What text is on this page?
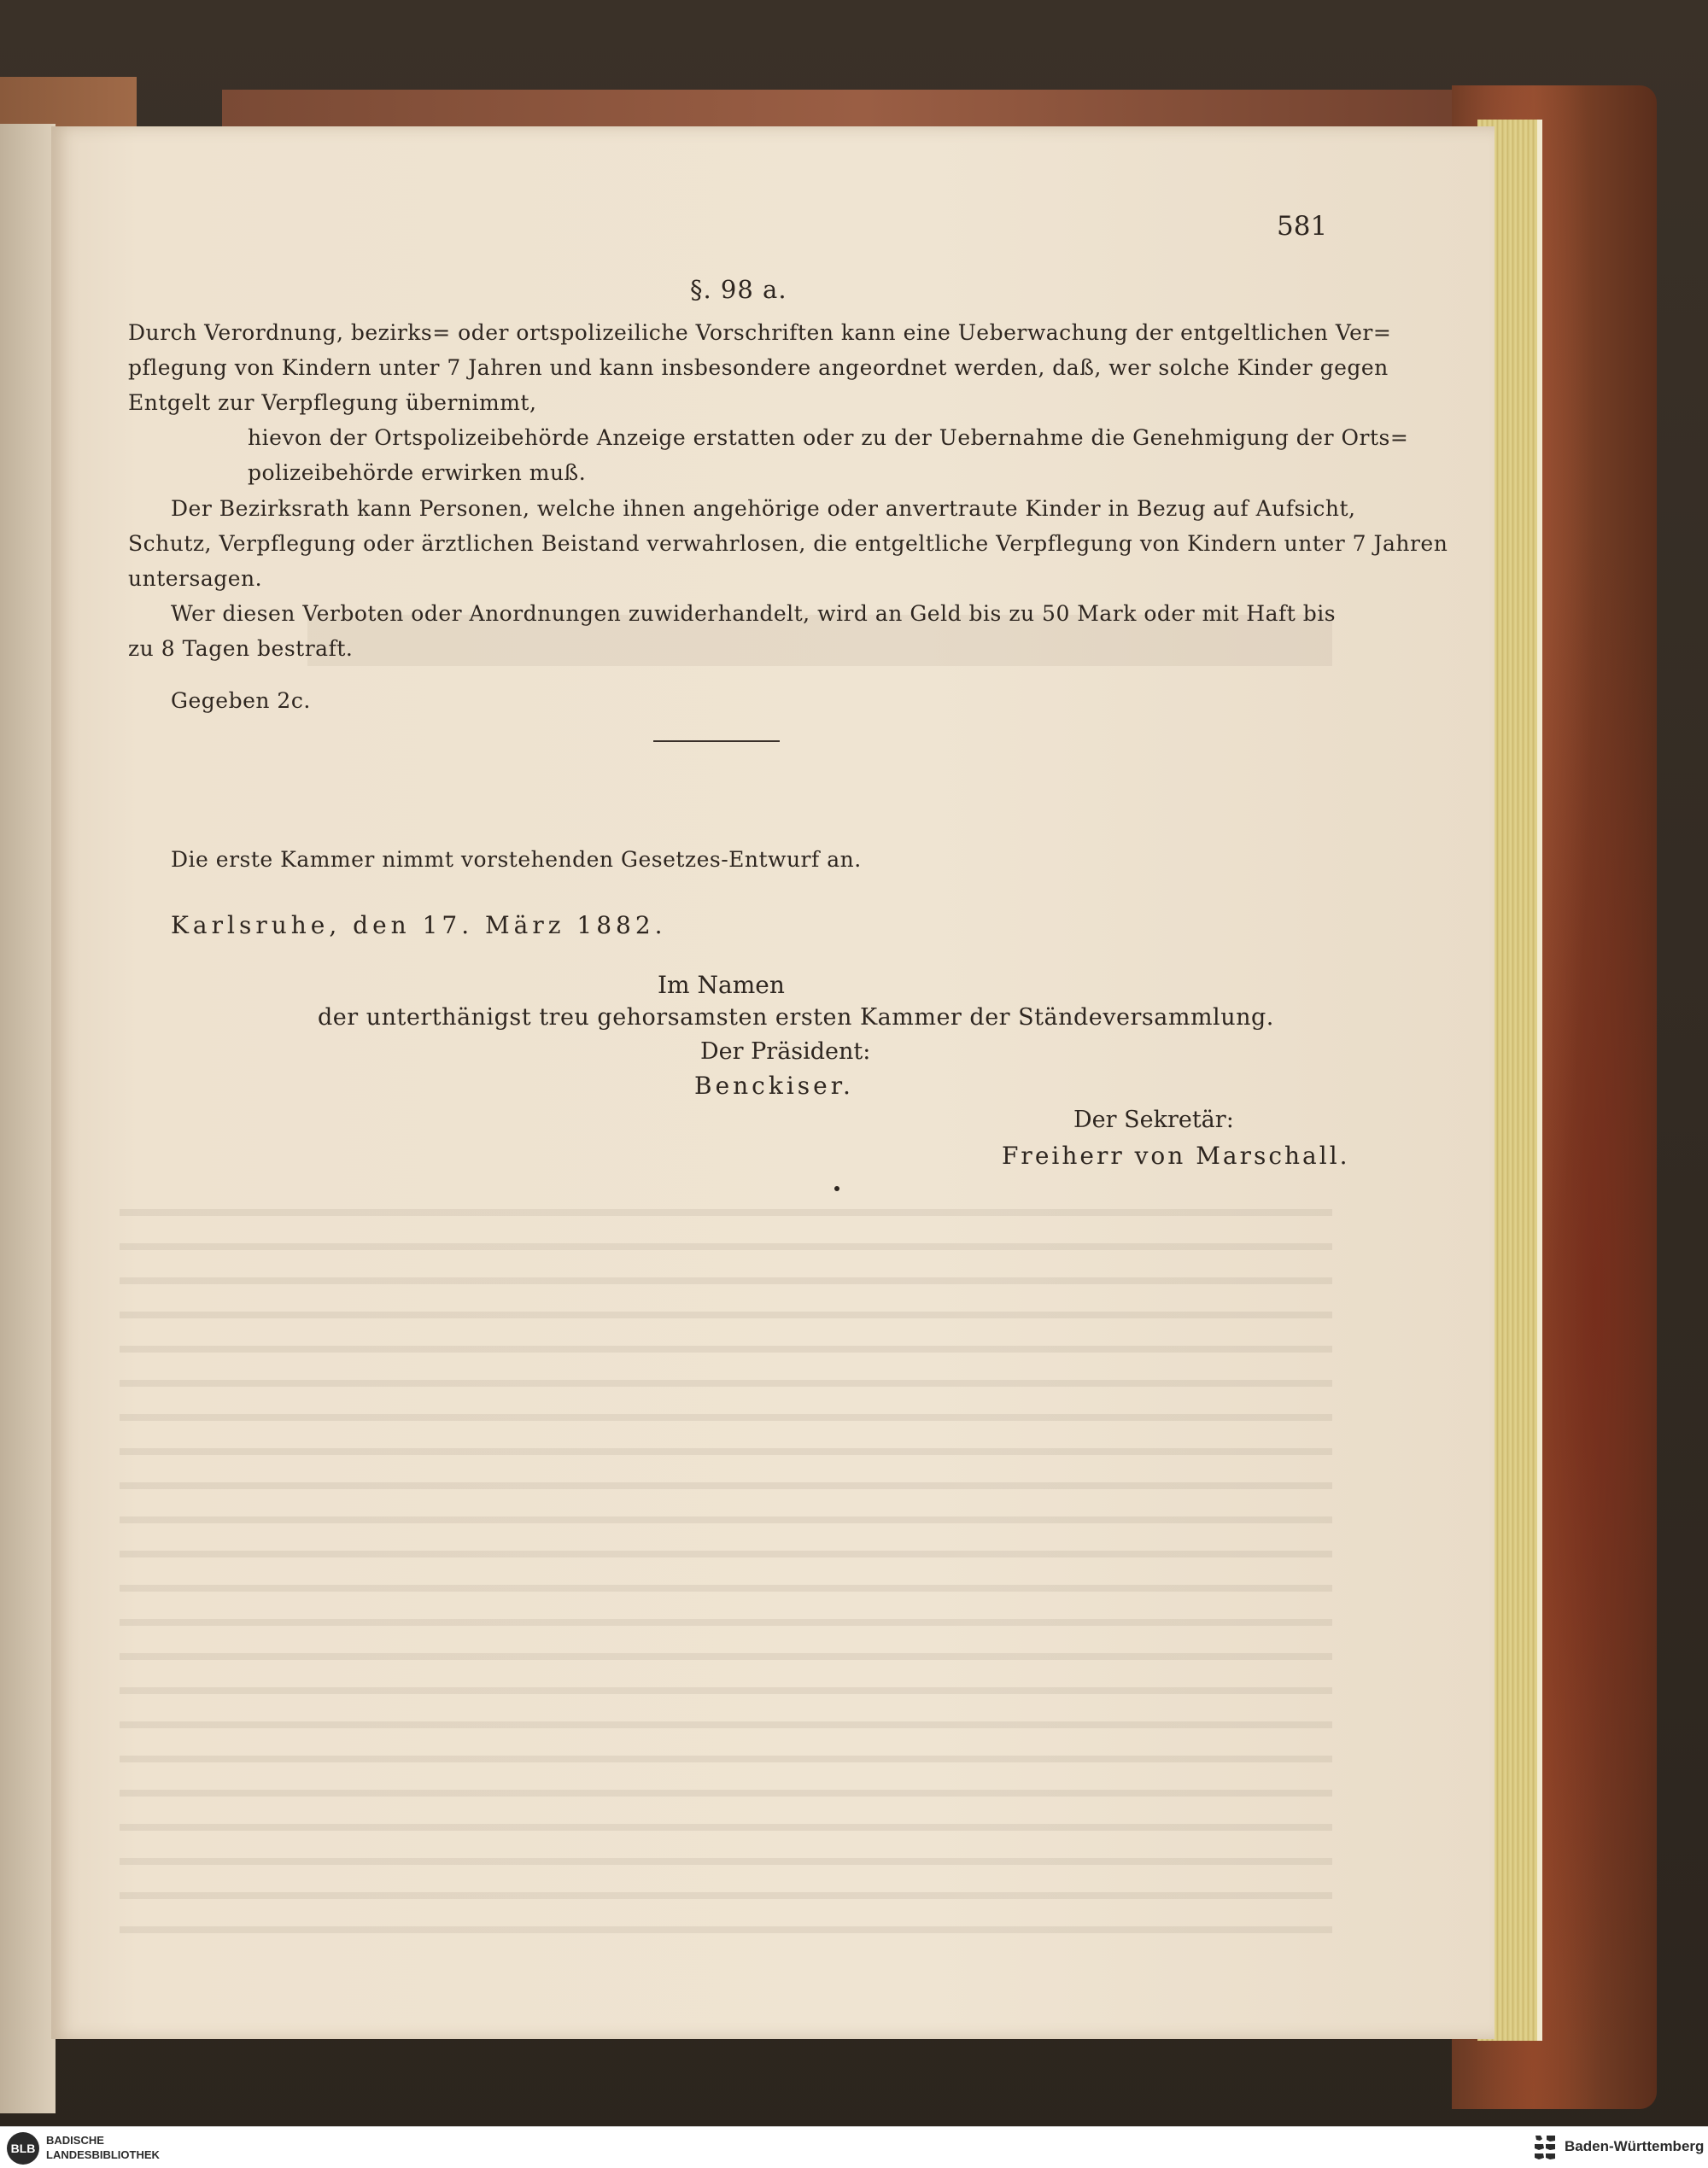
581

§. 98 a.

Durch Verordnung, bezirks= oder ortspolizeiliche Vorschriften kann eine Ueberwachung der entgeltlichen Ver=

pflegung von Kindern unter 7 Jahren und kann insbesondere angeordnet werden, daß, wer solche Kinder gegen

Entgelt zur Verpflegung übernimmt,

hievon der Ortspolizeibehörde Anzeige erstatten oder zu der Uebernahme die Genehmigung der Orts=

polizeibehörde erwirken muß.

Der Bezirksrath kann Personen, welche ihnen angehörige oder anvertraute Kinder in Bezug auf Aufsicht,

Schutz, Verpflegung oder ärztlichen Beistand verwahrlosen, die entgeltliche Verpflegung von Kindern unter 7 Jahren

untersagen.

Wer diesen Verboten oder Anordnungen zuwiderhandelt, wird an Geld bis zu 50 Mark oder mit Haft bis

zu 8 Tagen bestraft.

Gegeben 2c.

Die erste Kammer nimmt vorstehenden Gesetzes-Entwurf an.

Karlsruhe, den 17. März 1882.

Im Namen

der unterthänigst treu gehorsamsten ersten Kammer der Ständeversammlung.

Der Präsident:

Benckiser.

Der Sekretär:

Freiherr von Marschall.

BLB

BADISCHE
LANDESBIBLIOTHEK

Baden-Württemberg
